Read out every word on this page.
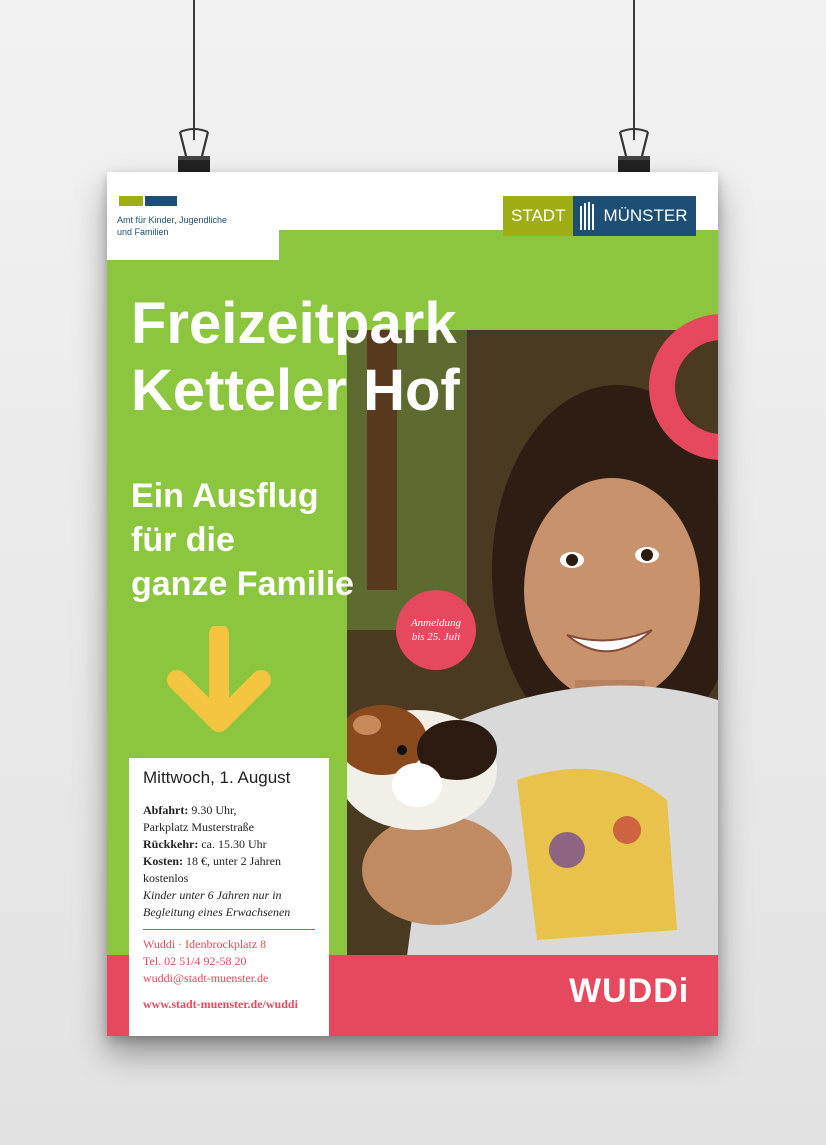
Amt für Kinder, Jugendliche
und Familien

STADT	MÜNSTER
Freizeitpark
Ketteler Hof
Ein Ausflug
für die
ganze Familie
Anmeldung
bis 25. Juli

Mittwoch, 1. August

Abfahrt: 9.30 Uhr,

Parkplatz Musterstraße

Rückkehr: ca. 15.30 Uhr

Kosten: 18 €, unter 2 Jahren

kostenlos

Kinder unter 6 Jahren nur in

Begleitung eines Erwachsenen

Wuddi · Idenbrockplatz 8

Tel. 02 51/4 92-58 20

wuddi@stadt-muenster.de

www.stadt-muenster.de/wuddi	WUDDi
